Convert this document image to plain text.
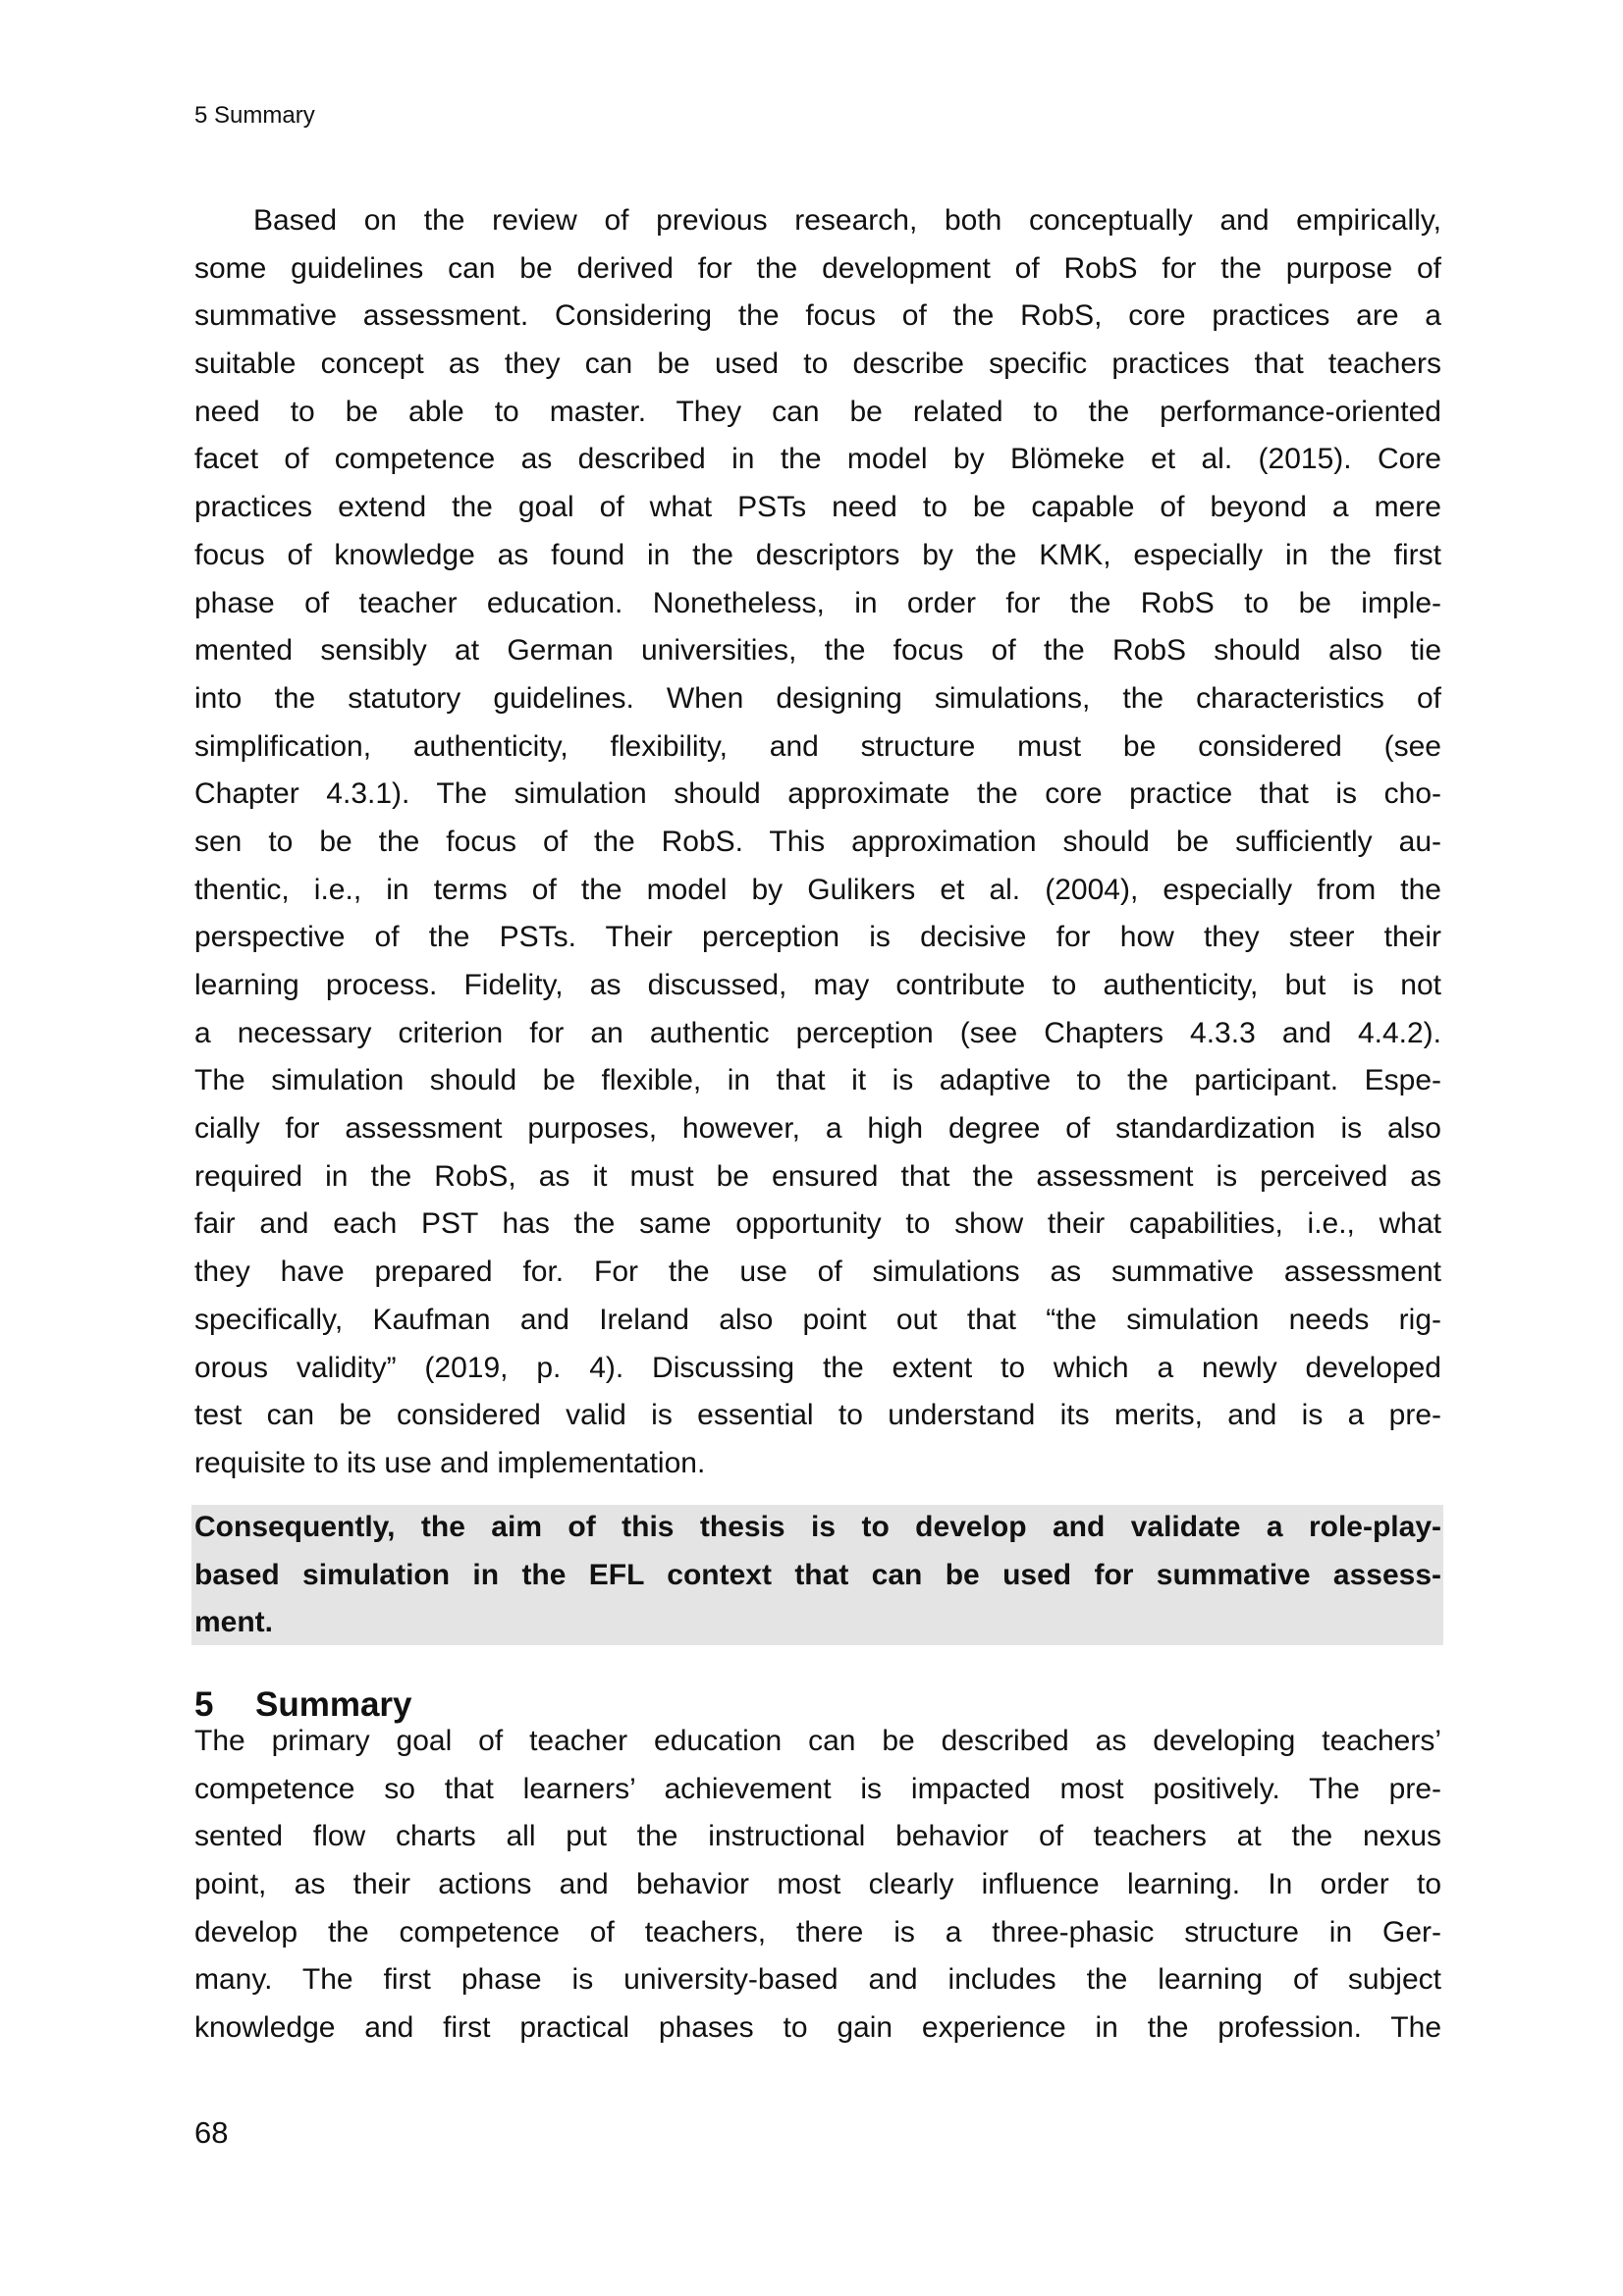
5 Summary
Based on the review of previous research, both conceptually and empirically,
some guidelines can be derived for the development of RobS for the purpose of
summative assessment. Considering the focus of the RobS, core practices are a
suitable concept as they can be used to describe specific practices that teachers
need to be able to master. They can be related to the performance-oriented
facet of competence as described in the model by Blömeke et al. (2015). Core
practices extend the goal of what PSTs need to be capable of beyond a mere
focus of knowledge as found in the descriptors by the KMK, especially in the first
phase of teacher education. Nonetheless, in order for the RobS to be imple-
mented sensibly at German universities, the focus of the RobS should also tie
into the statutory guidelines. When designing simulations, the characteristics of
simplification, authenticity, flexibility, and structure must be considered (see
Chapter 4.3.1). The simulation should approximate the core practice that is cho-
sen to be the focus of the RobS. This approximation should be sufficiently au-
thentic, i.e., in terms of the model by Gulikers et al. (2004), especially from the
perspective of the PSTs. Their perception is decisive for how they steer their
learning process. Fidelity, as discussed, may contribute to authenticity, but is not
a necessary criterion for an authentic perception (see Chapters 4.3.3 and 4.4.2).
The simulation should be flexible, in that it is adaptive to the participant. Espe-
cially for assessment purposes, however, a high degree of standardization is also
required in the RobS, as it must be ensured that the assessment is perceived as
fair and each PST has the same opportunity to show their capabilities, i.e., what
they have prepared for. For the use of simulations as summative assessment
specifically, Kaufman and Ireland also point out that “the simulation needs rig-
orous validity” (2019, p. 4). Discussing the extent to which a newly developed
test can be considered valid is essential to understand its merits, and is a pre-
requisite to its use and implementation.
Consequently, the aim of this thesis is to develop and validate a role-play-
based simulation in the EFL context that can be used for summative assess-
ment.
5 Summary
The primary goal of teacher education can be described as developing teachers’
competence so that learners’ achievement is impacted most positively. The pre-
sented flow charts all put the instructional behavior of teachers at the nexus
point, as their actions and behavior most clearly influence learning. In order to
develop the competence of teachers, there is a three-phasic structure in Ger-
many. The first phase is university-based and includes the learning of subject
knowledge and first practical phases to gain experience in the profession. The
68
